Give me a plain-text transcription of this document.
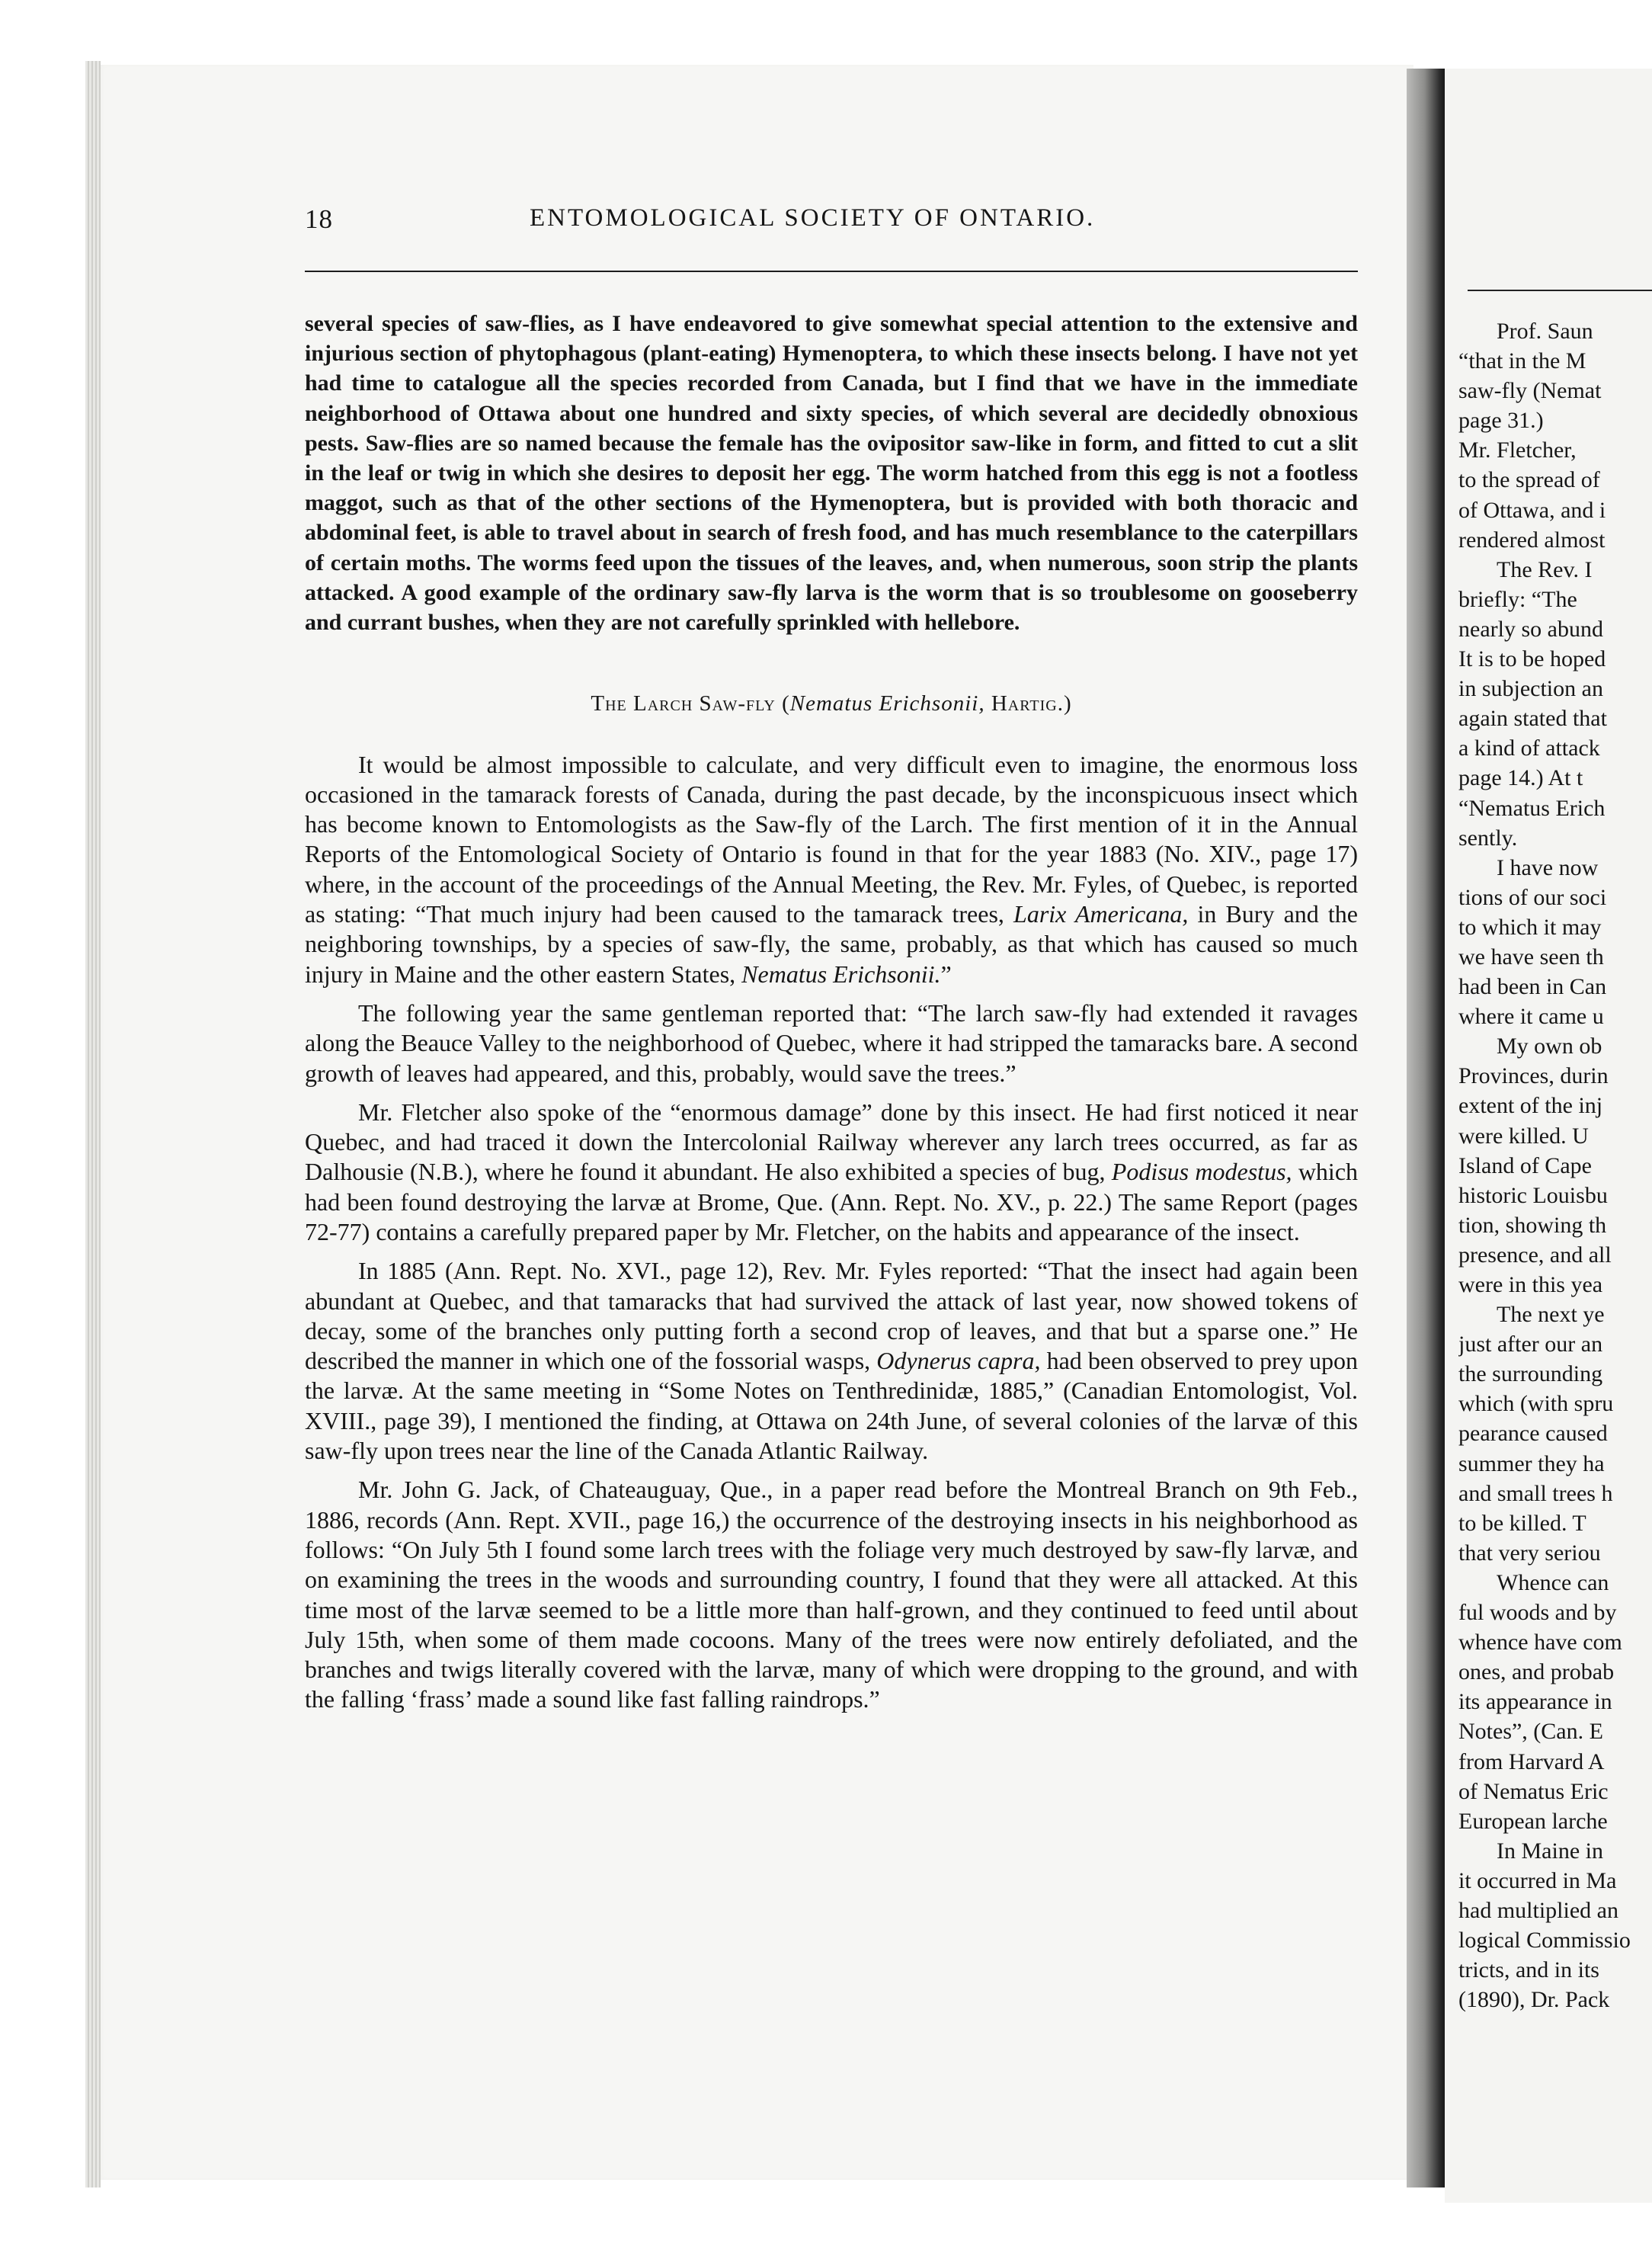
Prof. Saun
“that in the M
saw-fly (Nemat
page 31.)
Mr. Fletcher,
to the spread of
of Ottawa, and i
rendered almost
The Rev. I
briefly: “The
nearly so abund
It is to be hoped
in subjection an
again stated that
a kind of attack
page 14.) At t
“Nematus Erich
sently.
I have now
tions of our soci
to which it may
we have seen th
had been in Can
where it came u
My own ob
Provinces, durin
extent of the inj
were killed. U
Island of Cape
historic Louisbu
tion, showing th
presence, and all
were in this yea
The next ye
just after our an
the surrounding
which (with spru
pearance caused
summer they ha
and small trees h
to be killed. T
that very seriou
Whence can
ful woods and by
whence have com
ones, and probab
its appearance in
Notes”, (Can. E
from Harvard A
of Nematus Eric
European larche
In Maine in
it occurred in Ma
had multiplied an
logical Commissio
tricts, and in its
(1890), Dr. Pack
18	ENTOMOLOGICAL SOCIETY OF ONTARIO.

several species of saw-flies, as I have endeavored to give somewhat special attention to the extensive and injurious section of phytophagous (plant-eating) Hymenoptera, to which these insects belong. I have not yet had time to catalogue all the species recorded from Canada, but I find that we have in the immediate neighborhood of Ottawa about one hundred and sixty species, of which several are decidedly obnoxious pests. Saw-flies are so named because the female has the ovipositor saw-like in form, and fitted to cut a slit in the leaf or twig in which she desires to deposit her egg. The worm hatched from this egg is not a footless maggot, such as that of the other sections of the Hymenoptera, but is provided with both thoracic and abdominal feet, is able to travel about in search of fresh food, and has much resemblance to the caterpillars of certain moths. The worms feed upon the tissues of the leaves, and, when numerous, soon strip the plants attacked. A good example of the ordinary saw-fly larva is the worm that is so troublesome on gooseberry and currant bushes, when they are not carefully sprinkled with hellebore.

The Larch Saw-fly (Nematus Erichsonii, Hartig.)

It would be almost impossible to calculate, and very difficult even to imagine, the enormous loss occasioned in the tamarack forests of Canada, during the past decade, by the inconspicuous insect which has become known to Entomologists as the Saw-fly of the Larch. The first mention of it in the Annual Reports of the Entomological Society of Ontario is found in that for the year 1883 (No. XIV., page 17) where, in the account of the proceedings of the Annual Meeting, the Rev. Mr. Fyles, of Quebec, is reported as stating: “That much injury had been caused to the tamarack trees, Larix Americana, in Bury and the neighboring townships, by a species of saw-fly, the same, probably, as that which has caused so much injury in Maine and the other eastern States, Nematus Erichsonii.”

The following year the same gentleman reported that: “The larch saw-fly had extended it ravages along the Beauce Valley to the neighborhood of Quebec, where it had stripped the tamaracks bare. A second growth of leaves had appeared, and this, probably, would save the trees.”

Mr. Fletcher also spoke of the “enormous damage” done by this insect. He had first noticed it near Quebec, and had traced it down the Intercolonial Railway wherever any larch trees occurred, as far as Dalhousie (N.B.), where he found it abundant. He also exhibited a species of bug, Podisus modestus, which had been found destroying the larvæ at Brome, Que. (Ann. Rept. No. XV., p. 22.) The same Report (pages 72-77) contains a carefully prepared paper by Mr. Fletcher, on the habits and appearance of the insect.

In 1885 (Ann. Rept. No. XVI., page 12), Rev. Mr. Fyles reported: “That the insect had again been abundant at Quebec, and that tamaracks that had survived the attack of last year, now showed tokens of decay, some of the branches only putting forth a second crop of leaves, and that but a sparse one.” He described the manner in which one of the fossorial wasps, Odynerus capra, had been observed to prey upon the larvæ. At the same meeting in “Some Notes on Tenthredinidæ, 1885,” (Canadian Entomologist, Vol. XVIII., page 39), I mentioned the finding, at Ottawa on 24th June, of several colonies of the larvæ of this saw-fly upon trees near the line of the Canada Atlantic Railway.

Mr. John G. Jack, of Chateauguay, Que., in a paper read before the Montreal Branch on 9th Feb., 1886, records (Ann. Rept. XVII., page 16,) the occurrence of the destroying insects in his neighborhood as follows: “On July 5th I found some larch trees with the foliage very much destroyed by saw-fly larvæ, and on examining the trees in the woods and surrounding country, I found that they were all attacked. At this time most of the larvæ seemed to be a little more than half-grown, and they continued to feed until about July 15th, when some of them made cocoons. Many of the trees were now entirely defoliated, and the branches and twigs literally covered with the larvæ, many of which were dropping to the ground, and with the falling ‘frass’ made a sound like fast falling raindrops.”
